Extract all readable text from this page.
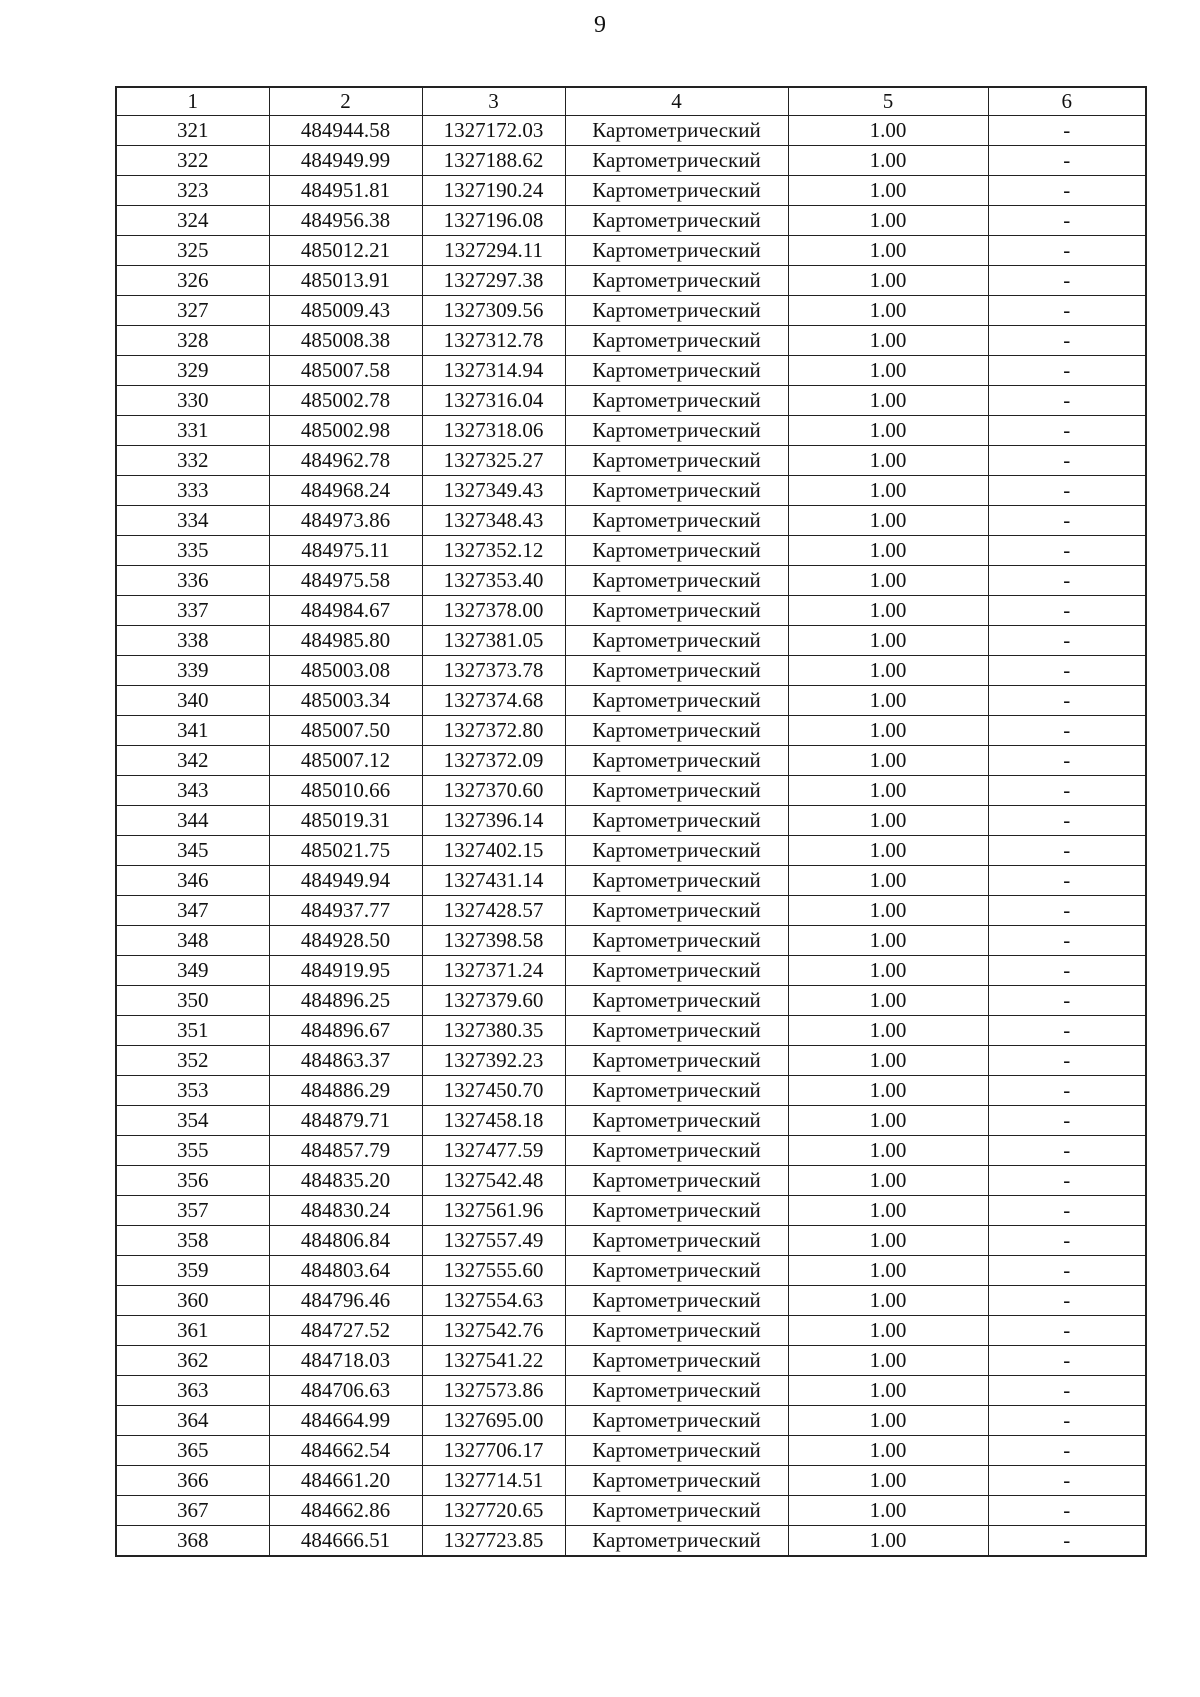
9
1	2	3	4	5	6
321	484944.58	1327172.03	Картометрический	1.00	-
322	484949.99	1327188.62	Картометрический	1.00	-
323	484951.81	1327190.24	Картометрический	1.00	-
324	484956.38	1327196.08	Картометрический	1.00	-
325	485012.21	1327294.11	Картометрический	1.00	-
326	485013.91	1327297.38	Картометрический	1.00	-
327	485009.43	1327309.56	Картометрический	1.00	-
328	485008.38	1327312.78	Картометрический	1.00	-
329	485007.58	1327314.94	Картометрический	1.00	-
330	485002.78	1327316.04	Картометрический	1.00	-
331	485002.98	1327318.06	Картометрический	1.00	-
332	484962.78	1327325.27	Картометрический	1.00	-
333	484968.24	1327349.43	Картометрический	1.00	-
334	484973.86	1327348.43	Картометрический	1.00	-
335	484975.11	1327352.12	Картометрический	1.00	-
336	484975.58	1327353.40	Картометрический	1.00	-
337	484984.67	1327378.00	Картометрический	1.00	-
338	484985.80	1327381.05	Картометрический	1.00	-
339	485003.08	1327373.78	Картометрический	1.00	-
340	485003.34	1327374.68	Картометрический	1.00	-
341	485007.50	1327372.80	Картометрический	1.00	-
342	485007.12	1327372.09	Картометрический	1.00	-
343	485010.66	1327370.60	Картометрический	1.00	-
344	485019.31	1327396.14	Картометрический	1.00	-
345	485021.75	1327402.15	Картометрический	1.00	-
346	484949.94	1327431.14	Картометрический	1.00	-
347	484937.77	1327428.57	Картометрический	1.00	-
348	484928.50	1327398.58	Картометрический	1.00	-
349	484919.95	1327371.24	Картометрический	1.00	-
350	484896.25	1327379.60	Картометрический	1.00	-
351	484896.67	1327380.35	Картометрический	1.00	-
352	484863.37	1327392.23	Картометрический	1.00	-
353	484886.29	1327450.70	Картометрический	1.00	-
354	484879.71	1327458.18	Картометрический	1.00	-
355	484857.79	1327477.59	Картометрический	1.00	-
356	484835.20	1327542.48	Картометрический	1.00	-
357	484830.24	1327561.96	Картометрический	1.00	-
358	484806.84	1327557.49	Картометрический	1.00	-
359	484803.64	1327555.60	Картометрический	1.00	-
360	484796.46	1327554.63	Картометрический	1.00	-
361	484727.52	1327542.76	Картометрический	1.00	-
362	484718.03	1327541.22	Картометрический	1.00	-
363	484706.63	1327573.86	Картометрический	1.00	-
364	484664.99	1327695.00	Картометрический	1.00	-
365	484662.54	1327706.17	Картометрический	1.00	-
366	484661.20	1327714.51	Картометрический	1.00	-
367	484662.86	1327720.65	Картометрический	1.00	-
368	484666.51	1327723.85	Картометрический	1.00	-
